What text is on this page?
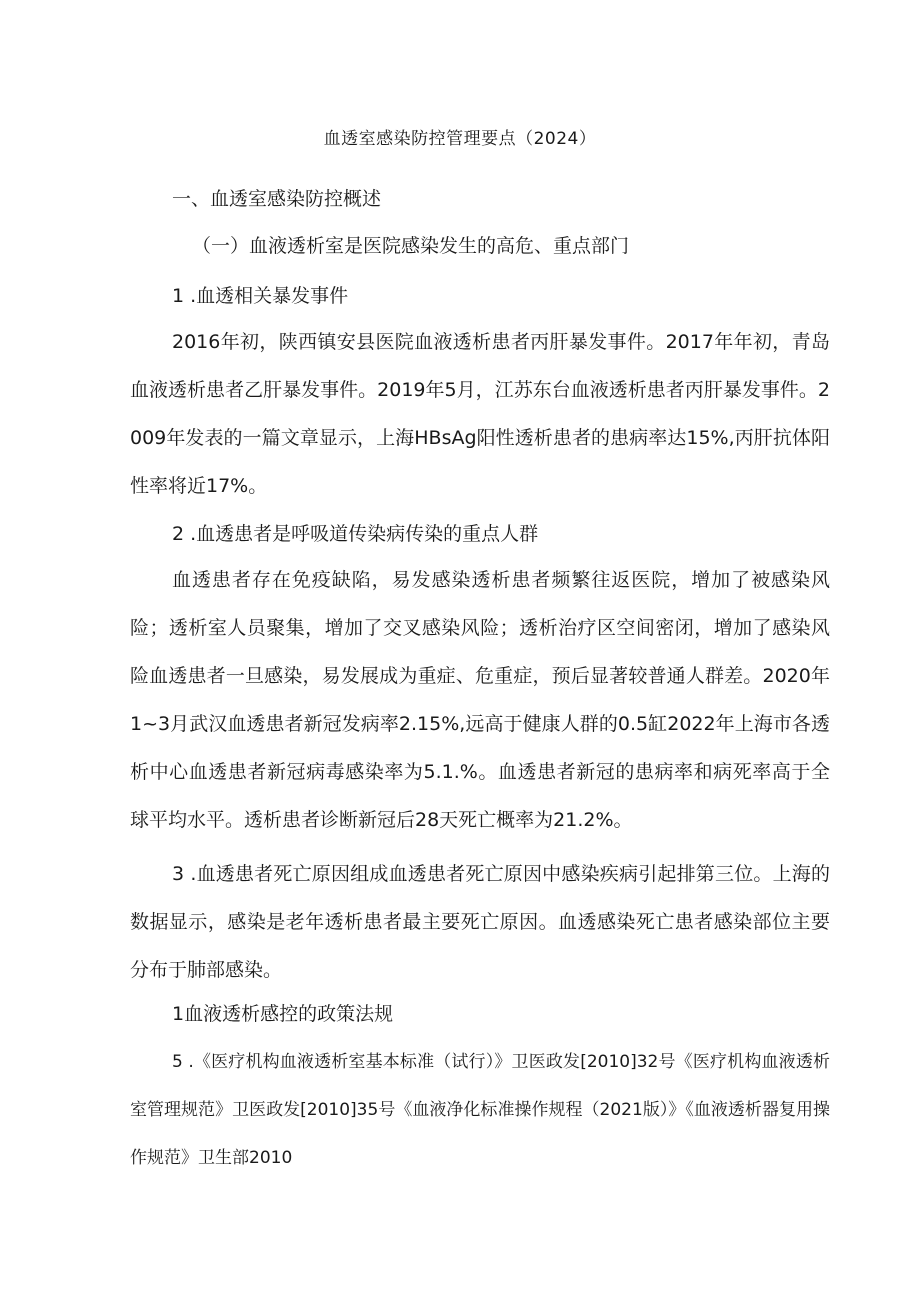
血透室感染防控管理要点（2024）
一、血透室感染防控概述
（一）血液透析室是医院感染发生的高危、重点部门
1 .血透相关暴发事件
2016年初，陕西镇安县医院血液透析患者丙肝暴发事件。2017年年初，青岛血液透析患者乙肝暴发事件。2019年5月，江苏东台血液透析患者丙肝暴发事件。2009年发表的一篇文章显示，上海HBsAg阳性透析患者的患病率达15%,丙肝抗体阳性率将近17%。
2 .血透患者是呼吸道传染病传染的重点人群
血透患者存在免疫缺陷，易发感染透析患者频繁往返医院，增加了被感染风险；透析室人员聚集，增加了交叉感染风险；透析治疗区空间密闭，增加了感染风险血透患者一旦感染，易发展成为重症、危重症，预后显著较普通人群差。2020年1~3月武汉血透患者新冠发病率2.15%,远高于健康人群的0.5缸2022年上海市各透析中心血透患者新冠病毒感染率为5.1.%。血透患者新冠的患病率和病死率高于全球平均水平。透析患者诊断新冠后28天死亡概率为21.2%。
3 .血透患者死亡原因组成血透患者死亡原因中感染疾病引起排第三位。上海的数据显示，感染是老年透析患者最主要死亡原因。血透感染死亡患者感染部位主要分布于肺部感染。
1血液透析感控的政策法规
5 .《医疗机构血液透析室基本标准（试行）》卫医政发[2010]32号《医疗机构血液透析室管理规范》卫医政发[2010]35号《血液净化标准操作规程（2021版）》《血液透析器复用操作规范》卫生部2010
